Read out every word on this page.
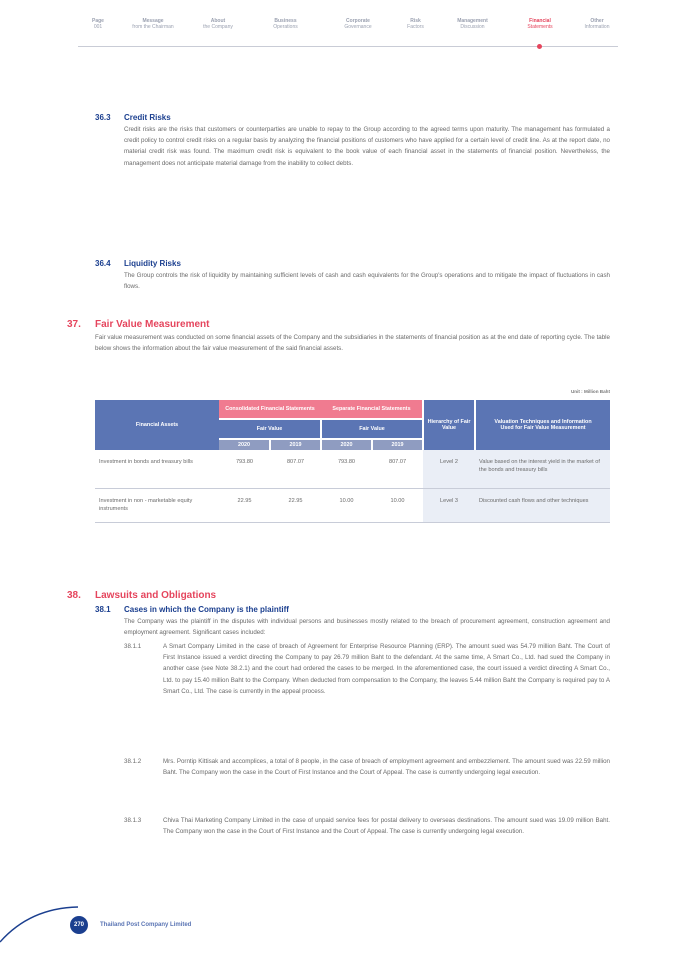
Page
001
Message
from the Chairman
About
the Company
Business
Operations
Corporate
Governance
Risk
Factors
Management
Discussion
Financial
Statements
Other
Information
36.3 Credit Risks
Credit risks are the risks that customers or counterparties are unable to repay to the Group according to the agreed terms upon maturity. The management has formulated a credit policy to control credit risks on a regular basis by analyzing the financial positions of customers who have applied for a certain level of credit line. As at the report date, no material credit risk was found. The maximum credit risk is equivalent to the book value of each financial asset in the statements of financial position. Nevertheless, the management does not anticipate material damage from the inability to collect debts.
36.4 Liquidity Risks
The Group controls the risk of liquidity by maintaining sufficient levels of cash and cash equivalents for the Group's operations and to mitigate the impact of fluctuations in cash flows.
37. Fair Value Measurement
Fair value measurement was conducted on some financial assets of the Company and the subsidiaries in the statements of financial position as at the end date of reporting cycle. The table below shows the information about the fair value measurement of the said financial assets.
Unit : Million Baht
Financial Assets	Consolidated Financial Statements		Separate Financial Statements		Hierarchy of Fair Value	Valuation Techniques and Information Used for Fair Value Measurement
	Fair Value		Fair Value			
	2020	2019	2020	2019		
Investment in bonds and treasury bills	793.80	807.07	793.80	807.07	Level 2	Value based on the interest yield in the market of the bonds and treasury bills
Investment in non - marketable equity instruments	22.95	22.95	10.00	10.00	Level 3	Discounted cash flows and other techniques
38. Lawsuits and Obligations
38.1 Cases in which the Company is the plaintiff
The Company was the plaintiff in the disputes with individual persons and businesses mostly related to the breach of procurement agreement, construction agreement and employment agreement. Significant cases included:
38.1.1	A Smart Company Limited in the case of breach of Agreement for Enterprise Resource Planning (ERP). The amount sued was 54.79 million Baht. The Court of First Instance issued a verdict directing the Company to pay 26.79 million Baht to the defendant. At the same time, A Smart Co., Ltd. had sued the Company in another case (see Note 38.2.1) and the court had ordered the cases to be merged. In the aforementioned case, the court issued a verdict directing A Smart Co., Ltd. to pay 15.40 million Baht to the Company. When deducted from compensation to the Company, the leaves 5.44 million Baht the Company is required pay to A Smart Co., Ltd. The case is currently in the appeal process.
38.1.2	Mrs. Porntip Kittisak and accomplices, a total of 8 people, in the case of breach of employment agreement and embezzlement. The amount sued was 22.59 million Baht. The Company won the case in the Court of First Instance and the Court of Appeal. The case is currently undergoing legal execution.
38.1.3	Chiva Thai Marketing Company Limited in the case of unpaid service fees for postal delivery to overseas destinations. The amount sued was 19.09 million Baht. The Company won the case in the Court of First Instance and the Court of Appeal. The case is currently undergoing legal execution.
270	Thailand Post Company Limited
